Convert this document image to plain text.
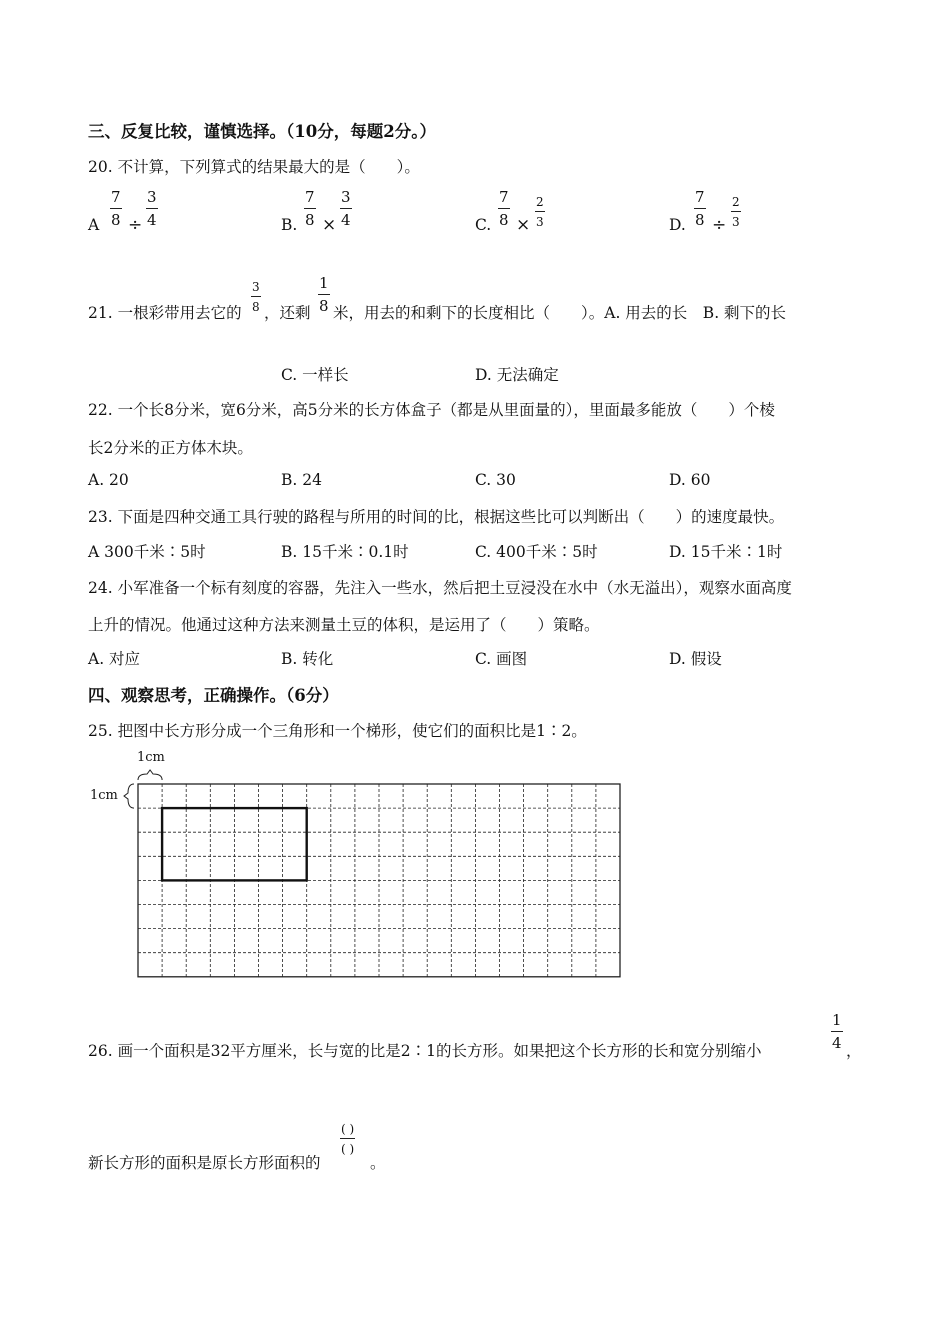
三、反复比较，谨慎选择。（10分，每题2分。）
20. 不计算，下列算式的结果最大的是（　　）。
A $\frac{7}{8} \div \frac{3}{4}$	B. $\frac{7}{8} \times \frac{3}{4}$	C. $\frac{7}{8} \times \frac{2}{3}$	D. $\frac{7}{8} \div \frac{2}{3}$
21. 一根彩带用去它的 $\frac{3}{8}$ ，还剩 $\frac{1}{8}$ 米，用去的和剩下的长度相比（　　）。A. 用去的长　B. 剩下的长
C. 一样长	D. 无法确定
22. 一个长8分米，宽6分米，高5分米的长方体盒子（都是从里面量的），里面最多能放（　　）个棱
长2分米的正方体木块。
A. 20	B. 24	C. 30	D. 60
23. 下面是四种交通工具行驶的路程与所用的时间的比，根据这些比可以判断出（　　）的速度最快。
A 300千米∶5时	B. 15千米∶0.1时	C. 400千米∶5时	D. 15千米∶1时
24. 小军准备一个标有刻度的容器，先注入一些水，然后把土豆浸没在水中（水无溢出），观察水面高度
上升的情况。他通过这种方法来测量土豆的体积，是运用了（　　）策略。
A. 对应	B. 转化	C. 画图	D. 假设
四、观察思考，正确操作。（6分）
25. 把图中长方形分成一个三角形和一个梯形，使它们的面积比是1∶2。
1cm
1cm
26. 画一个面积是32平方厘米，长与宽的比是2∶1的长方形。如果把这个长方形的长和宽分别缩小	$\frac{1}{4}$ ，
新长方形的面积是原长方形面积的
( )
( )
。
